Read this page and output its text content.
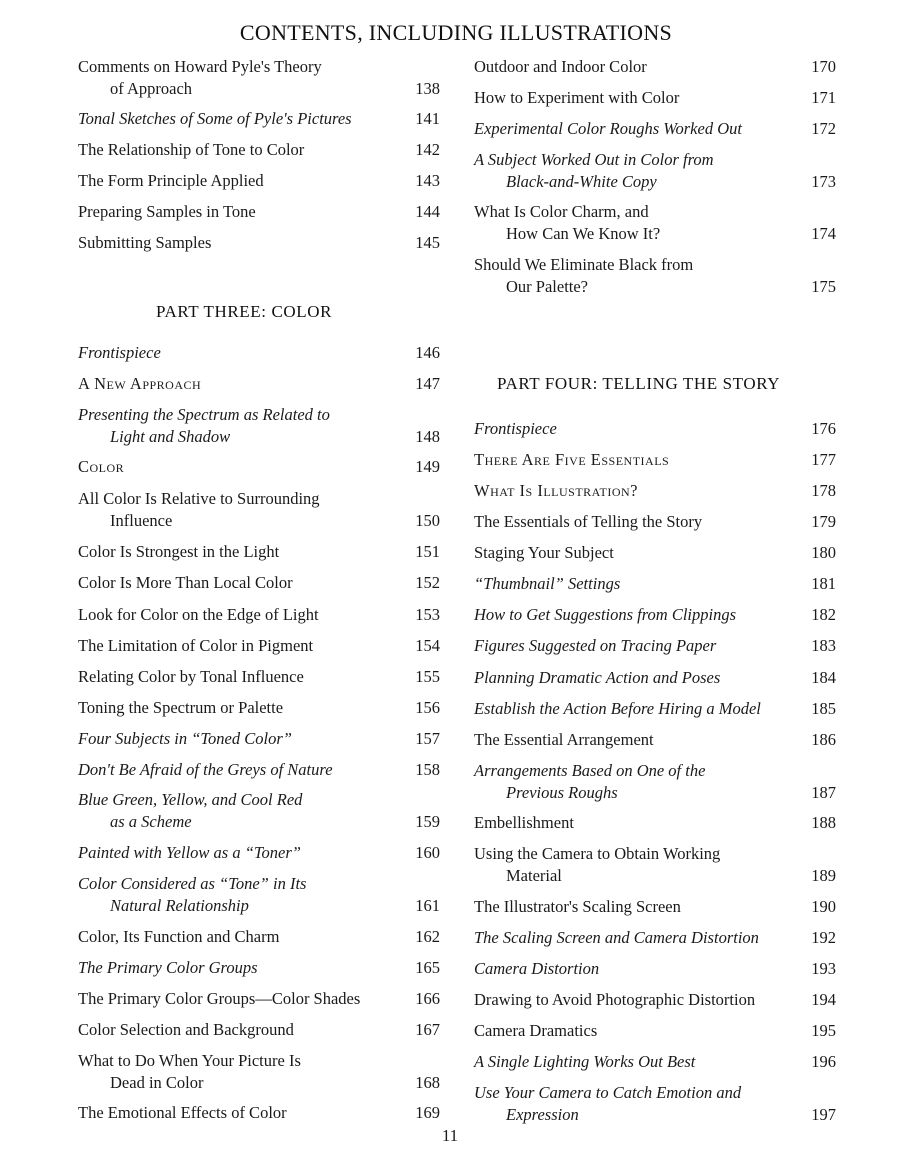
CONTENTS, INCLUDING ILLUSTRATIONS
Comments on Howard Pyle's Theory
of Approach	138
Tonal Sketches of Some of Pyle's Pictures	141
The Relationship of Tone to Color	142
The Form Principle Applied	143
Preparing Samples in Tone	144
Submitting Samples	145
PART THREE: COLOR
Frontispiece	146
A New Approach	147
Presenting the Spectrum as Related to
Light and Shadow	148
Color	149
All Color Is Relative to Surrounding
Influence	150
Color Is Strongest in the Light	151
Color Is More Than Local Color	152
Look for Color on the Edge of Light	153
The Limitation of Color in Pigment	154
Relating Color by Tonal Influence	155
Toning the Spectrum or Palette	156
Four Subjects in “Toned Color”	157
Don't Be Afraid of the Greys of Nature	158
Blue Green, Yellow, and Cool Red
as a Scheme	159
Painted with Yellow as a “Toner”	160
Color Considered as “Tone” in Its
Natural Relationship	161
Color, Its Function and Charm	162
The Primary Color Groups	165
The Primary Color Groups—Color Shades	166
Color Selection and Background	167
What to Do When Your Picture Is
Dead in Color	168
The Emotional Effects of Color	169
Outdoor and Indoor Color	170
How to Experiment with Color	171
Experimental Color Roughs Worked Out	172
A Subject Worked Out in Color from
Black-and-White Copy	173
What Is Color Charm, and
How Can We Know It?	174
Should We Eliminate Black from
Our Palette?	175
PART FOUR: TELLING THE STORY
Frontispiece	176
There Are Five Essentials	177
What Is Illustration?	178
The Essentials of Telling the Story	179
Staging Your Subject	180
“Thumbnail” Settings	181
How to Get Suggestions from Clippings	182
Figures Suggested on Tracing Paper	183
Planning Dramatic Action and Poses	184
Establish the Action Before Hiring a Model	185
The Essential Arrangement	186
Arrangements Based on One of the
Previous Roughs	187
Embellishment	188
Using the Camera to Obtain Working
Material	189
The Illustrator's Scaling Screen	190
The Scaling Screen and Camera Distortion	192
Camera Distortion	193
Drawing to Avoid Photographic Distortion	194
Camera Dramatics	195
A Single Lighting Works Out Best	196
Use Your Camera to Catch Emotion and
Expression	197
11
